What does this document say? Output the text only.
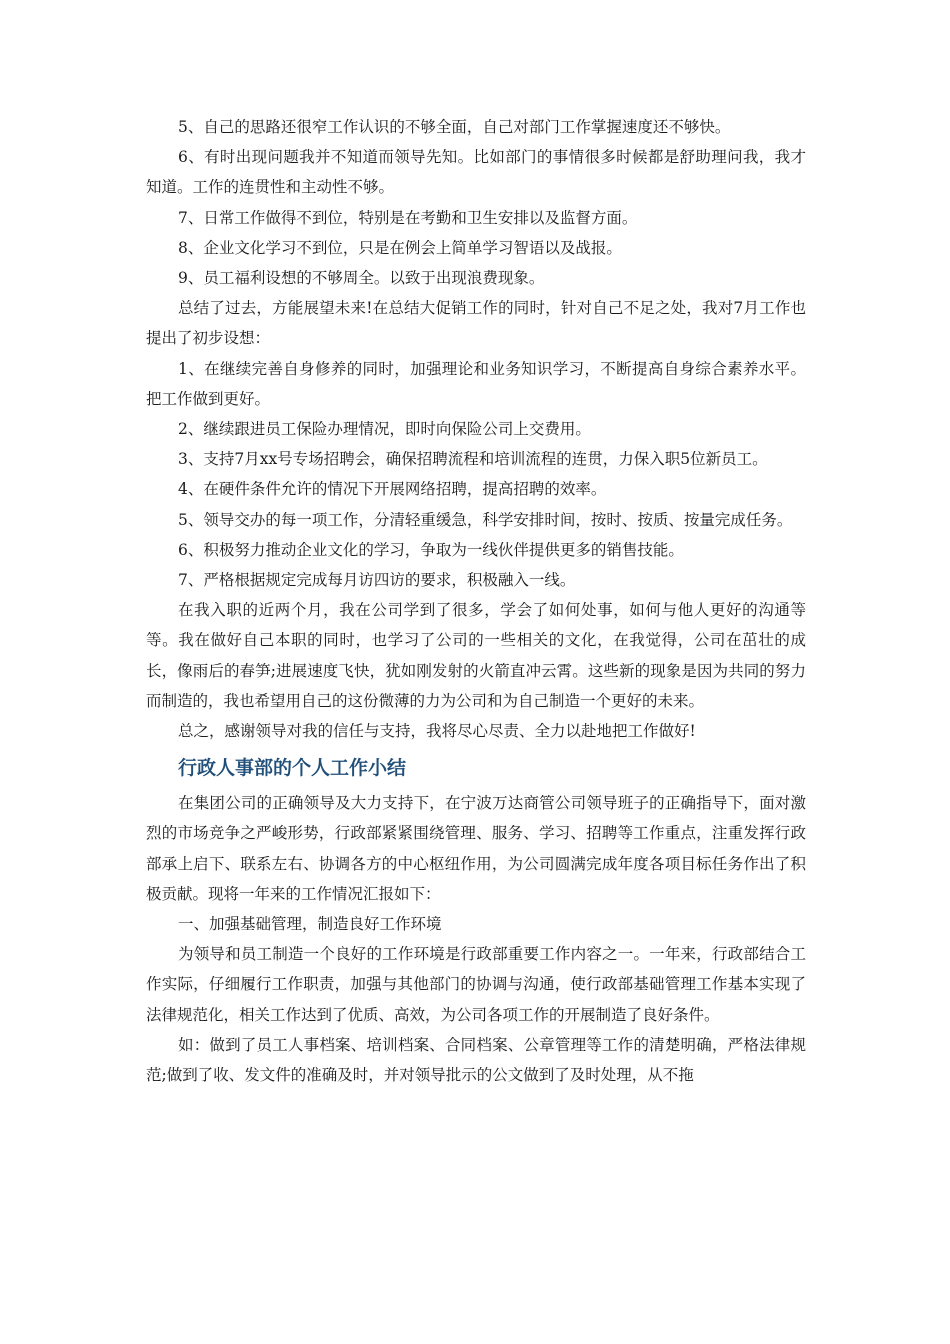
5、自己的思路还很窄工作认识的不够全面，自己对部门工作掌握速度还不够快。

6、有时出现问题我并不知道而领导先知。比如部门的事情很多时候都是舒助理问我，我才知道。工作的连贯性和主动性不够。

7、日常工作做得不到位，特别是在考勤和卫生安排以及监督方面。

8、企业文化学习不到位，只是在例会上简单学习智语以及战报。

9、员工福利设想的不够周全。以致于出现浪费现象。

总结了过去，方能展望未来!在总结大促销工作的同时，针对自己不足之处，我对7月工作也提出了初步设想：

1、在继续完善自身修养的同时，加强理论和业务知识学习，不断提高自身综合素养水平。把工作做到更好。

2、继续跟进员工保险办理情况，即时向保险公司上交费用。

3、支持7月xx号专场招聘会，确保招聘流程和培训流程的连贯，力保入职5位新员工。

4、在硬件条件允许的情况下开展网络招聘，提高招聘的效率。

5、领导交办的每一项工作，分清轻重缓急，科学安排时间，按时、按质、按量完成任务。

6、积极努力推动企业文化的学习，争取为一线伙伴提供更多的销售技能。

7、严格根据规定完成每月访四访的要求，积极融入一线。

在我入职的近两个月，我在公司学到了很多，学会了如何处事，如何与他人更好的沟通等等。我在做好自己本职的同时，也学习了公司的一些相关的文化，在我觉得，公司在茁壮的成长，像雨后的春笋;进展速度飞快，犹如刚发射的火箭直冲云霄。这些新的现象是因为共同的努力而制造的，我也希望用自己的这份微薄的力为公司和为自己制造一个更好的未来。

总之，感谢领导对我的信任与支持，我将尽心尽责、全力以赴地把工作做好!

行政人事部的个人工作小结

在集团公司的正确领导及大力支持下，在宁波万达商管公司领导班子的正确指导下，面对激烈的市场竞争之严峻形势，行政部紧紧围绕管理、服务、学习、招聘等工作重点，注重发挥行政部承上启下、联系左右、协调各方的中心枢纽作用，为公司圆满完成年度各项目标任务作出了积极贡献。现将一年来的工作情况汇报如下：

一、加强基础管理，制造良好工作环境

为领导和员工制造一个良好的工作环境是行政部重要工作内容之一。一年来，行政部结合工作实际，仔细履行工作职责，加强与其他部门的协调与沟通，使行政部基础管理工作基本实现了法律规范化，相关工作达到了优质、高效，为公司各项工作的开展制造了良好条件。

如：做到了员工人事档案、培训档案、合同档案、公章管理等工作的清楚明确，严格法律规范;做到了收、发文件的准确及时，并对领导批示的公文做到了及时处理，从不拖
